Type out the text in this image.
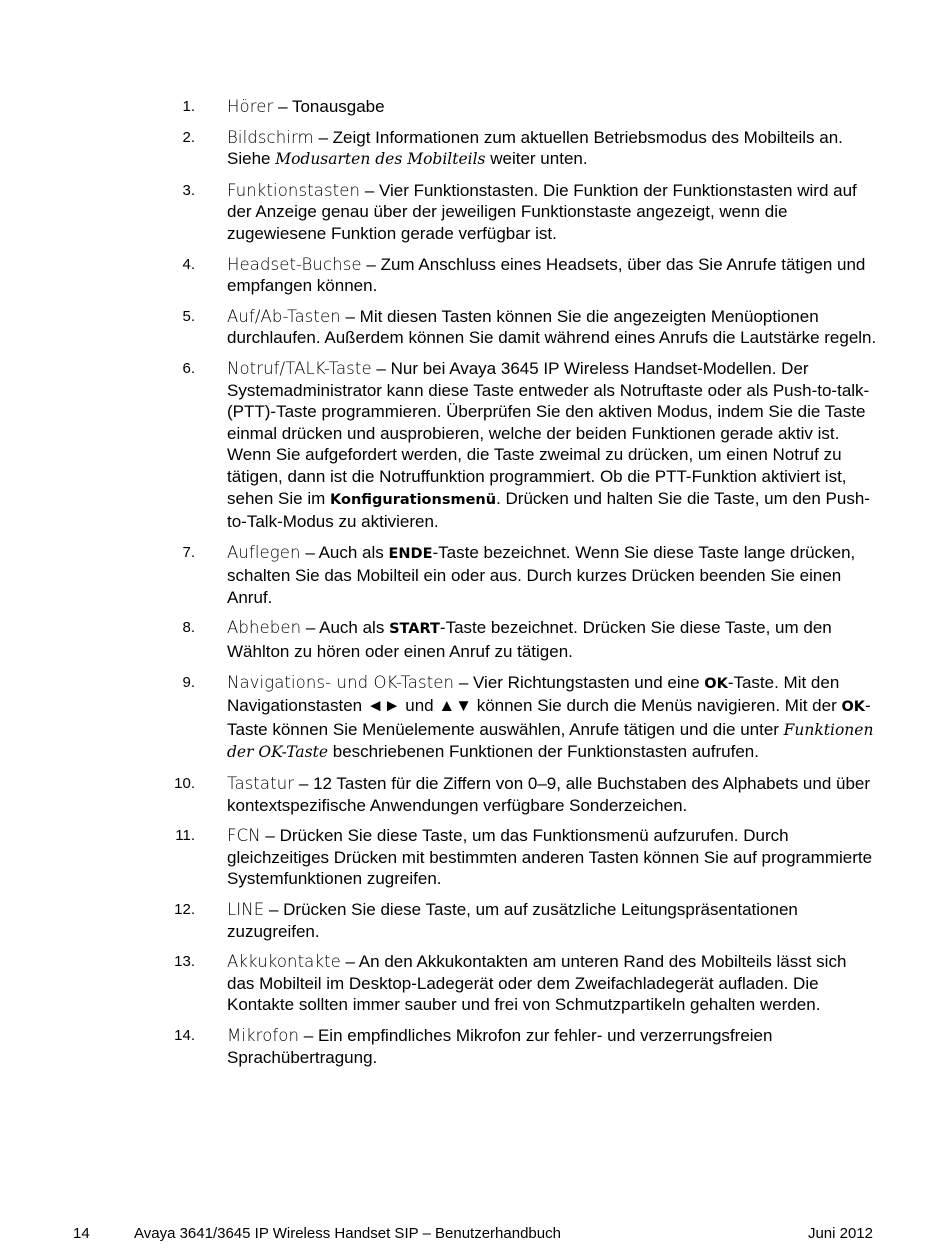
1. Hörer – Tonausgabe
2. Bildschirm – Zeigt Informationen zum aktuellen Betriebsmodus des Mobilteils an. Siehe Modusarten des Mobilteils weiter unten.
3. Funktionstasten – Vier Funktionstasten. Die Funktion der Funktionstasten wird auf der Anzeige genau über der jeweiligen Funktionstaste angezeigt, wenn die zugewiesene Funktion gerade verfügbar ist.
4. Headset-Buchse – Zum Anschluss eines Headsets, über das Sie Anrufe tätigen und empfangen können.
5. Auf/Ab-Tasten – Mit diesen Tasten können Sie die angezeigten Menüoptionen durchlaufen. Außerdem können Sie damit während eines Anrufs die Lautstärke regeln.
6. Notruf/TALK-Taste – Nur bei Avaya 3645 IP Wireless Handset-Modellen. Der Systemadministrator kann diese Taste entweder als Notruftaste oder als Push-to-talk-(PTT)-Taste programmieren. Überprüfen Sie den aktiven Modus, indem Sie die Taste einmal drücken und ausprobieren, welche der beiden Funktionen gerade aktiv ist. Wenn Sie aufgefordert werden, die Taste zweimal zu drücken, um einen Notruf zu tätigen, dann ist die Notruffunktion programmiert. Ob die PTT-Funktion aktiviert ist, sehen Sie im Konfigurationsmenü. Drücken und halten Sie die Taste, um den Push-to-Talk-Modus zu aktivieren.
7. Auflegen – Auch als ENDE-Taste bezeichnet. Wenn Sie diese Taste lange drücken, schalten Sie das Mobilteil ein oder aus. Durch kurzes Drücken beenden Sie einen Anruf.
8. Abheben – Auch als START-Taste bezeichnet. Drücken Sie diese Taste, um den Wählton zu hören oder einen Anruf zu tätigen.
9. Navigations- und OK-Tasten – Vier Richtungstasten und eine OK-Taste. Mit den Navigationstasten ◄► und ▲▼ können Sie durch die Menüs navigieren. Mit der OK-Taste können Sie Menüelemente auswählen, Anrufe tätigen und die unter Funktionen der OK-Taste beschriebenen Funktionen der Funktionstasten aufrufen.
10. Tastatur – 12 Tasten für die Ziffern von 0–9, alle Buchstaben des Alphabets und über kontextspezifische Anwendungen verfügbare Sonderzeichen.
11. FCN – Drücken Sie diese Taste, um das Funktionsmenü aufzurufen. Durch gleichzeitiges Drücken mit bestimmten anderen Tasten können Sie auf programmierte Systemfunktionen zugreifen.
12. LINE – Drücken Sie diese Taste, um auf zusätzliche Leitungspräsentationen zuzugreifen.
13. Akkukontakte – An den Akkukontakten am unteren Rand des Mobilteils lässt sich das Mobilteil im Desktop-Ladegerät oder dem Zweifachladegerät aufladen. Die Kontakte sollten immer sauber und frei von Schmutzpartikeln gehalten werden.
14. Mikrofon – Ein empfindliches Mikrofon zur fehler- und verzerrungsfreien Sprachübertragung.
14	Avaya 3641/3645 IP Wireless Handset SIP – Benutzerhandbuch	Juni 2012
